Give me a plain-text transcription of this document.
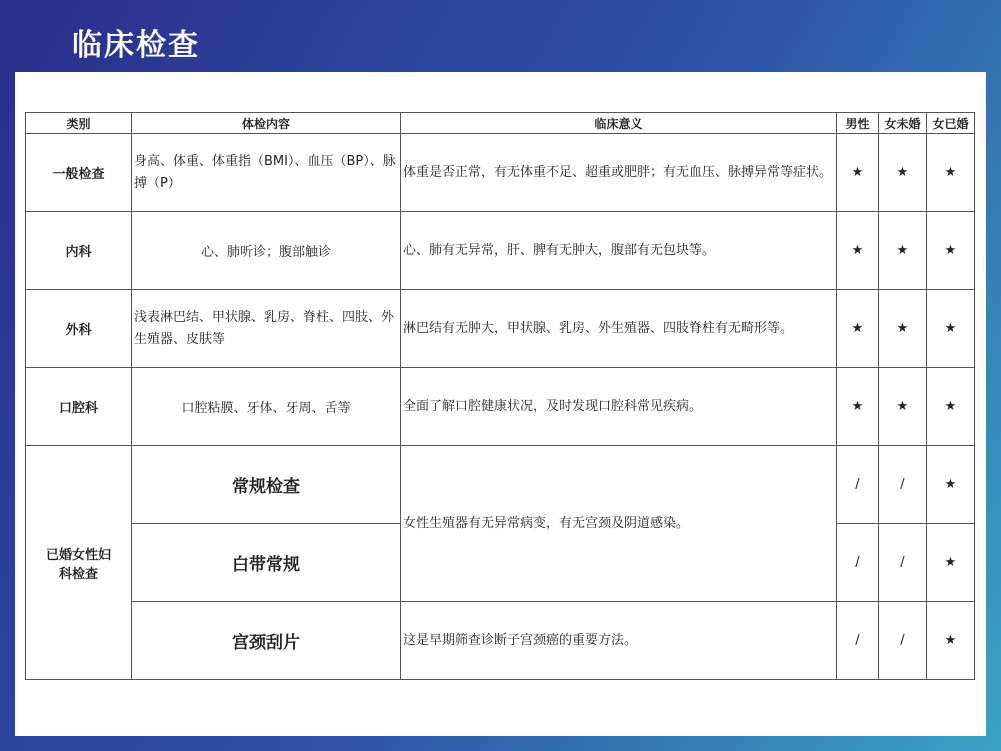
临床检查
类别	体检内容	临床意义	男性	女未婚	女已婚
一般检查	身高、体重、体重指（BMI）、血压（BP）、脉搏（P）	体重是否正常，有无体重不足、超重或肥胖；有无血压、脉搏异常等症状。	★	★	★
内科	心、肺听诊；腹部触诊	心、肺有无异常，肝、脾有无肿大，腹部有无包块等。	★	★	★
外科	浅表淋巴结、甲状腺、乳房、脊柱、四肢、外生殖器、皮肤等	淋巴结有无肿大，甲状腺、乳房、外生殖器、四肢脊柱有无畸形等。	★	★	★
口腔科	口腔粘膜、牙体、牙周、舌等	全面了解口腔健康状况，及时发现口腔科常见疾病。	★	★	★
已婚女性妇科检查	常规检查	女性生殖器有无异常病变，有无宫颈及阴道感染。	/	/	★
	白带常规		/	/	★
	宫颈刮片	这是早期筛查诊断子宫颈癌的重要方法。	/	/	★
